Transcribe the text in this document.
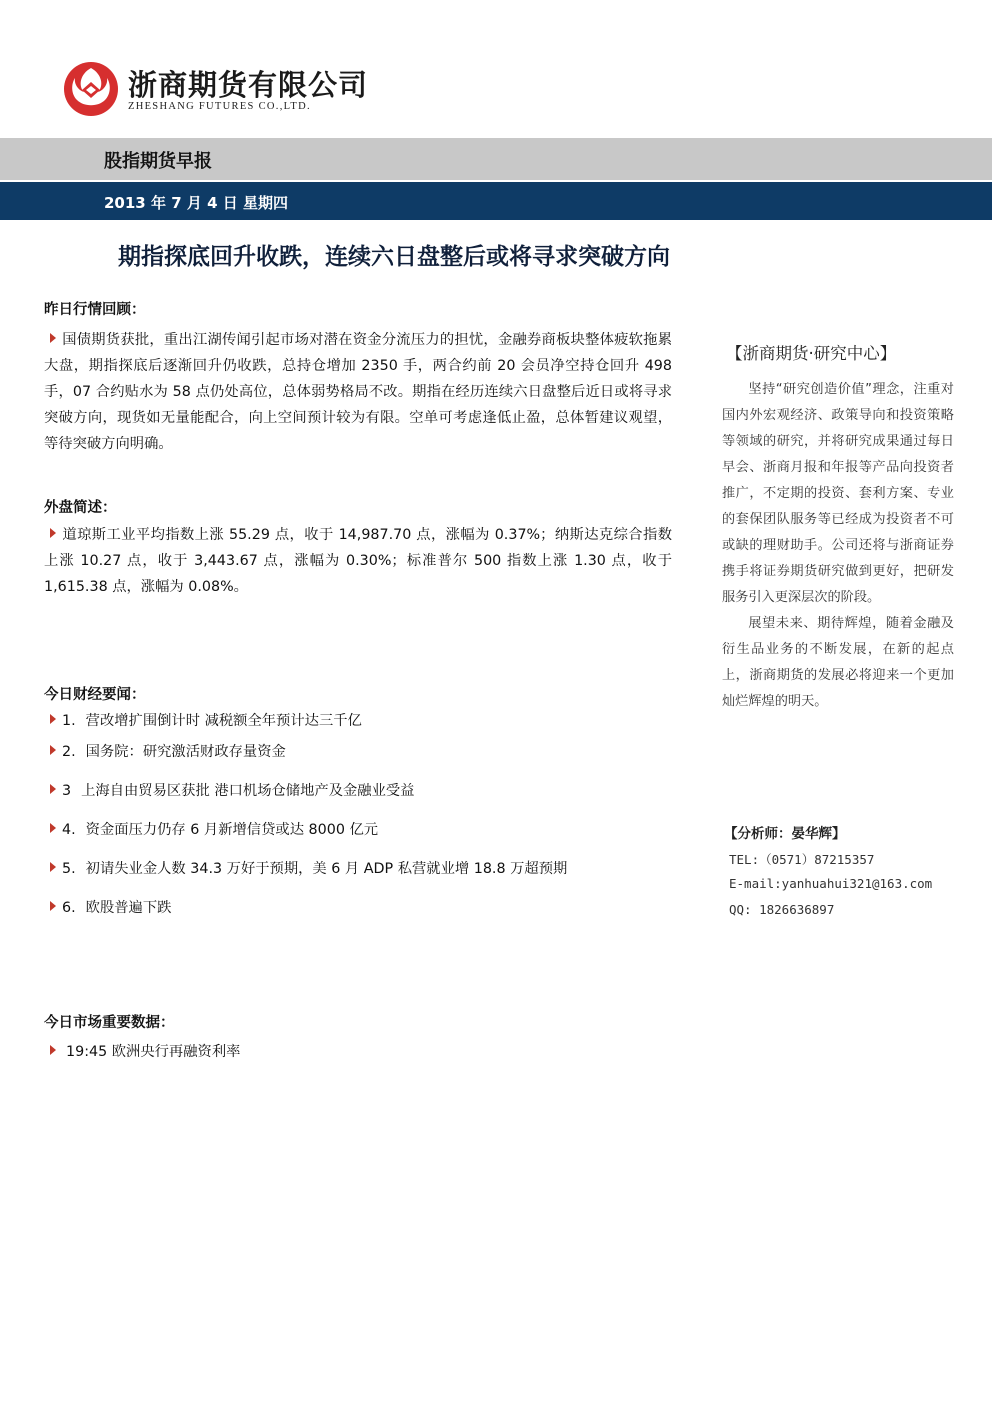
浙商期货有限公司
ZHESHANG FUTURES CO.,LTD.
股指期货早报
2013 年 7 月 4 日 星期四
期指探底回升收跌，连续六日盘整后或将寻求突破方向
昨日行情回顾：

国债期货获批，重出江湖传闻引起市场对潜在资金分流压力的担忧，金融券商板块整体疲软拖累大盘，期指探底后逐渐回升仍收跌，总持仓增加 2350 手，两合约前 20 会员净空持仓回升 498 手，07 合约贴水为 58 点仍处高位，总体弱势格局不改。期指在经历连续六日盘整后近日或将寻求突破方向，现货如无量能配合，向上空间预计较为有限。空单可考虑逢低止盈，总体暂建议观望，等待突破方向明确。

外盘简述：

道琼斯工业平均指数上涨 55.29 点，收于 14,987.70 点，涨幅为 0.37%；纳斯达克综合指数上涨 10.27 点，收于 3,443.67 点，涨幅为 0.30%；标准普尔 500 指数上涨 1.30 点，收于 1,615.38 点，涨幅为 0.08%。

今日财经要闻：
1. 营改增扩围倒计时 减税额全年预计达三千亿
2. 国务院：研究激活财政存量资金
3 上海自由贸易区获批 港口机场仓储地产及金融业受益
4. 资金面压力仍存 6 月新增信贷或达 8000 亿元
5. 初请失业金人数 34.3 万好于预期，美 6 月 ADP 私营就业增 18.8 万超预期
6. 欧股普遍下跌
今日市场重要数据：
19:45 欧洲央行再融资利率
【浙商期货·研究中心】

坚持“研究创造价值”理念，注重对国内外宏观经济、政策导向和投资策略等领域的研究，并将研究成果通过每日早会、浙商月报和年报等产品向投资者推广，不定期的投资、套利方案、专业的套保团队服务等已经成为投资者不可或缺的理财助手。公司还将与浙商证券携手将证券期货研究做到更好，把研发服务引入更深层次的阶段。

展望未来、期待辉煌，随着金融及衍生品业务的不断发展，在新的起点上，浙商期货的发展必将迎来一个更加灿烂辉煌的明天。

【分析师：晏华辉】
TEL:（0571）87215357
E-mail:yanhuahui321@163.com
QQ: 1826636897
